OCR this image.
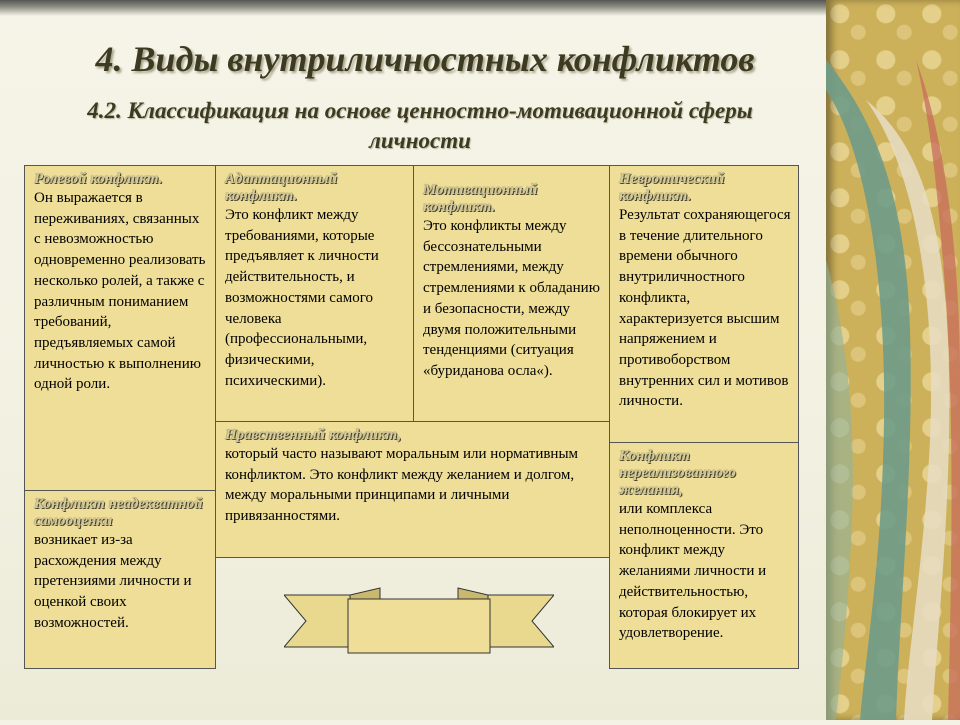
4. Виды внутриличностных конфликтов
4.2. Классификация на основе ценностно-мотивационной сферы личности
Ролевой конфликт.
Он выражается в переживаниях, связанных с невозможностью одновременно реализовать несколько ролей, а также с различным пониманием требований, предъявляемых самой личностью к выполнению одной роли.
Конфликт неадекватной самооценки
возникает из-за расхождения между претензиями личности и оценкой своих возможностей.
Адаптационный конфликт.
Это конфликт между требованиями, которые предъявляет к личности действительность, и возможностями самого человека (профессиональными, физическими, психическими).
Мотивационный конфликт.
Это конфликты между бессознательными стремлениями, между стремлениями к обладанию и безопасности, между двумя положительными тенденциями (ситуация «буриданова осла«).
Нравственный конфликт,
который часто называют моральным или нормативным конфликтом. Это конфликт между желанием и долгом, между моральными принципами и личными привязанностями.
Невротический конфликт.
Результат сохраняющегося в течение длительного времени обычного внутриличностного конфликта, характеризуется высшим напряжением и противоборством внутренних сил и мотивов личности.
Конфликт нереализованного желания,
или комплекса неполноценности. Это конфликт между желаниями личности и действительностью, которая блокирует их удовлетворение.
